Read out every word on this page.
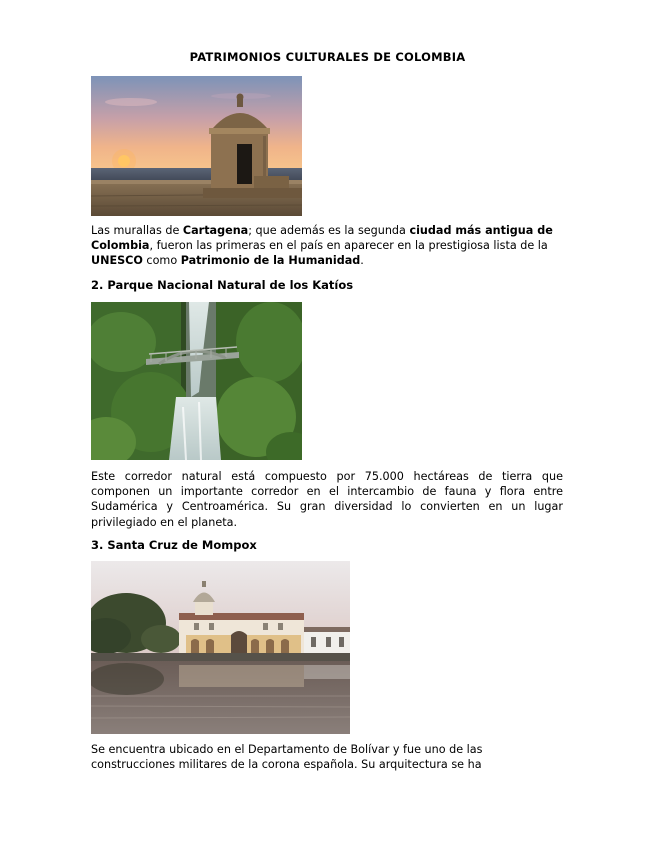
PATRIMONIOS CULTURALES DE COLOMBIA

Las murallas de Cartagena; que además es la segunda ciudad más antigua de Colombia, fueron las primeras en el país en aparecer en la prestigiosa lista de la UNESCO como Patrimonio de la Humanidad.

2. Parque Nacional Natural de los Katíos

Este corredor natural está compuesto por 75.000 hectáreas de tierra que componen un importante corredor en el intercambio de fauna y flora entre Sudamérica y Centroamérica. Su gran diversidad lo convierten en un lugar privilegiado en el planeta.

3. Santa Cruz de Mompox

Se encuentra ubicado en el Departamento de Bolívar y fue uno de las construcciones militares de la corona española. Su arquitectura se ha
